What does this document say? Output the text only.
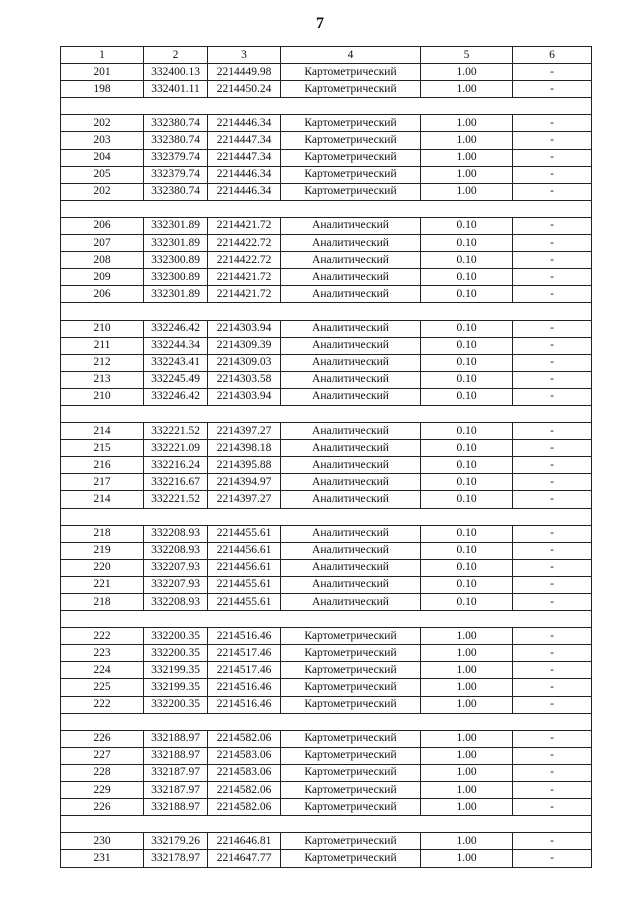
7
1	2	3	4	5	6
201	332400.13	2214449.98	Картометрический	1.00	-
198	332401.11	2214450.24	Картометрический	1.00	-

202	332380.74	2214446.34	Картометрический	1.00	-
203	332380.74	2214447.34	Картометрический	1.00	-
204	332379.74	2214447.34	Картометрический	1.00	-
205	332379.74	2214446.34	Картометрический	1.00	-
202	332380.74	2214446.34	Картометрический	1.00	-

206	332301.89	2214421.72	Аналитический	0.10	-
207	332301.89	2214422.72	Аналитический	0.10	-
208	332300.89	2214422.72	Аналитический	0.10	-
209	332300.89	2214421.72	Аналитический	0.10	-
206	332301.89	2214421.72	Аналитический	0.10	-

210	332246.42	2214303.94	Аналитический	0.10	-
211	332244.34	2214309.39	Аналитический	0.10	-
212	332243.41	2214309.03	Аналитический	0.10	-
213	332245.49	2214303.58	Аналитический	0.10	-
210	332246.42	2214303.94	Аналитический	0.10	-

214	332221.52	2214397.27	Аналитический	0.10	-
215	332221.09	2214398.18	Аналитический	0.10	-
216	332216.24	2214395.88	Аналитический	0.10	-
217	332216.67	2214394.97	Аналитический	0.10	-
214	332221.52	2214397.27	Аналитический	0.10	-

218	332208.93	2214455.61	Аналитический	0.10	-
219	332208.93	2214456.61	Аналитический	0.10	-
220	332207.93	2214456.61	Аналитический	0.10	-
221	332207.93	2214455.61	Аналитический	0.10	-
218	332208.93	2214455.61	Аналитический	0.10	-

222	332200.35	2214516.46	Картометрический	1.00	-
223	332200.35	2214517.46	Картометрический	1.00	-
224	332199.35	2214517.46	Картометрический	1.00	-
225	332199.35	2214516.46	Картометрический	1.00	-
222	332200.35	2214516.46	Картометрический	1.00	-

226	332188.97	2214582.06	Картометрический	1.00	-
227	332188.97	2214583.06	Картометрический	1.00	-
228	332187.97	2214583.06	Картометрический	1.00	-
229	332187.97	2214582.06	Картометрический	1.00	-
226	332188.97	2214582.06	Картометрический	1.00	-

230	332179.26	2214646.81	Картометрический	1.00	-
231	332178.97	2214647.77	Картометрический	1.00	-
